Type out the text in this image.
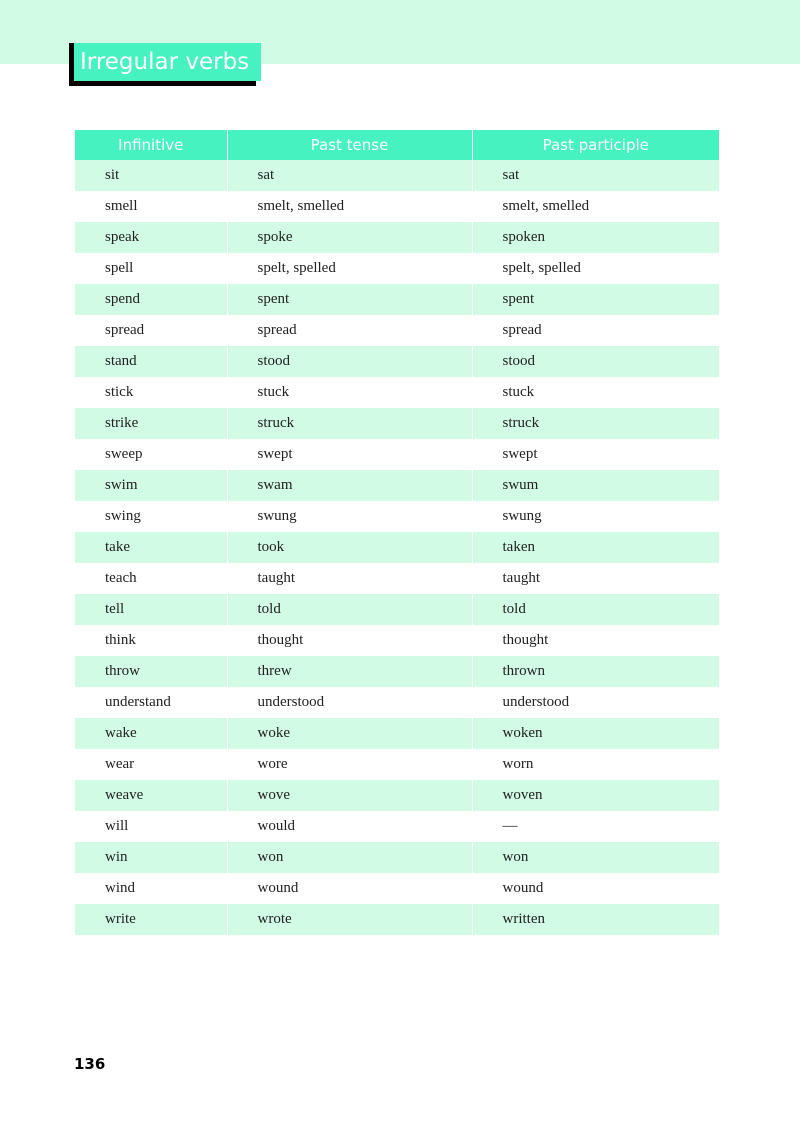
Irregular verbs
Infinitive	Past tense	Past participle
sit	sat	sat
smell	smelt, smelled	smelt, smelled
speak	spoke	spoken
spell	spelt, spelled	spelt, spelled
spend	spent	spent
spread	spread	spread
stand	stood	stood
stick	stuck	stuck
strike	struck	struck
sweep	swept	swept
swim	swam	swum
swing	swung	swung
take	took	taken
teach	taught	taught
tell	told	told
think	thought	thought
throw	threw	thrown
understand	understood	understood
wake	woke	woken
wear	wore	worn
weave	wove	woven
will	would	—
win	won	won
wind	wound	wound
write	wrote	written
136
